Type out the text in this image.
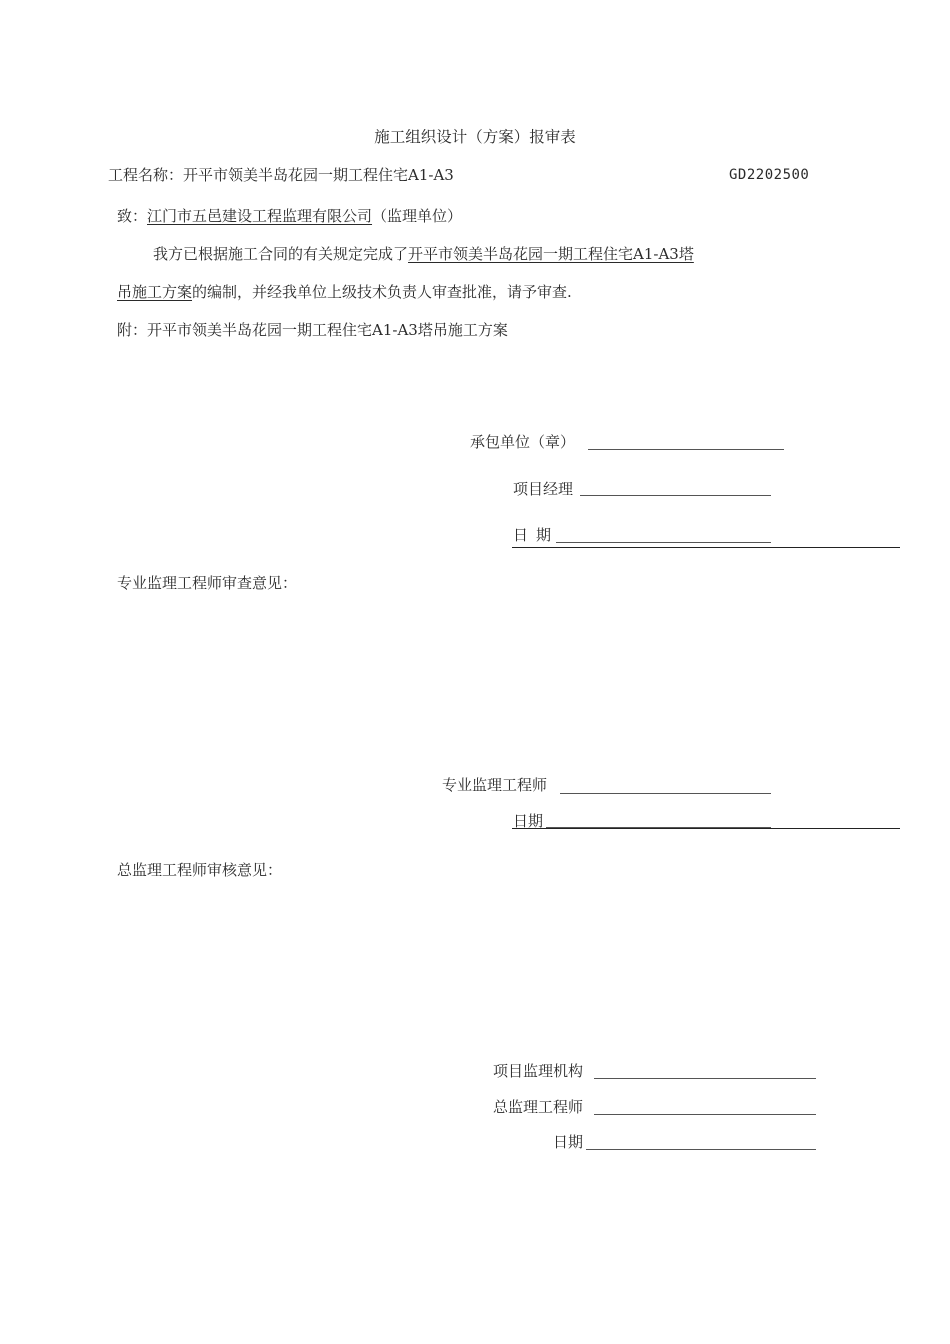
施工组织设计（方案）报审表
工程名称：开平市领美半岛花园一期工程住宅A1-A3	GD2202500
致：江门市五邑建设工程监理有限公司（监理单位）
我方已根据施工合同的有关规定完成了开平市领美半岛花园一期工程住宅A1-A3塔
吊施工方案的编制，并经我单位上级技术负责人审查批准，请予审查.
附：开平市领美半岛花园一期工程住宅A1-A3塔吊施工方案
承包单位（章）
项目经理
日期
专业监理工程师审查意见：
专业监理工程师
日期
总监理工程师审核意见：
项目监理机构
总监理工程师
日期
